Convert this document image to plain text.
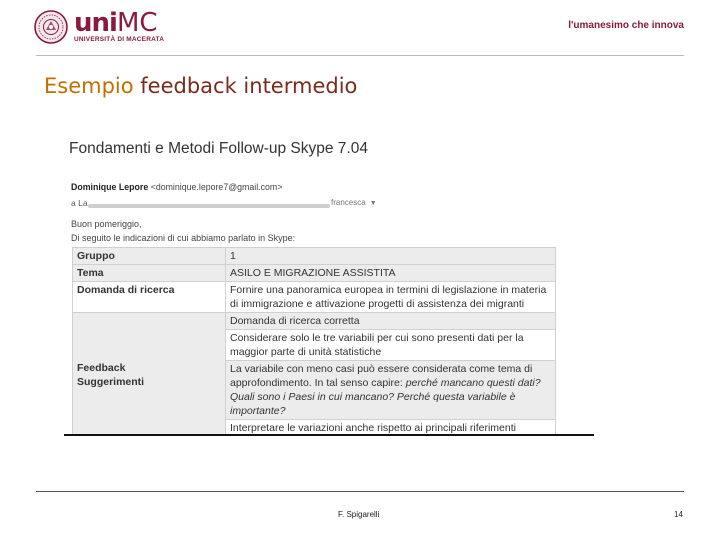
uniMC
UNIVERSITÀ DI MACERATA
l'umanesimo che innova
Esempio feedback intermedio
Fondamenti e Metodi Follow-up Skype 7.04
Dominique Lepore <dominique.lepore7@gmail.com>
a La	francesca ▼
Buon pomeriggio,
Di seguito le indicazioni di cui abbiamo parlato in Skype:
Gruppo	1
Tema	ASILO E MIGRAZIONE ASSISTITA
Domanda di ricerca	Fornire una panoramica europea in termini di legislazione in materia di immigrazione e attivazione progetti di assistenza dei migranti

Feedback
Suggerimenti	Domanda di ricerca corretta
	Considerare solo le tre variabili per cui sono presenti dati per la maggior parte di unità statistiche
	La variabile con meno casi può essere considerata come tema di approfondimento. In tal senso capire: perché mancano questi dati? Quali sono i Paesi in cui mancano? Perché questa variabile è importante?
	Interpretare le variazioni anche rispetto ai principali riferimenti
F. Spigarelli	14
